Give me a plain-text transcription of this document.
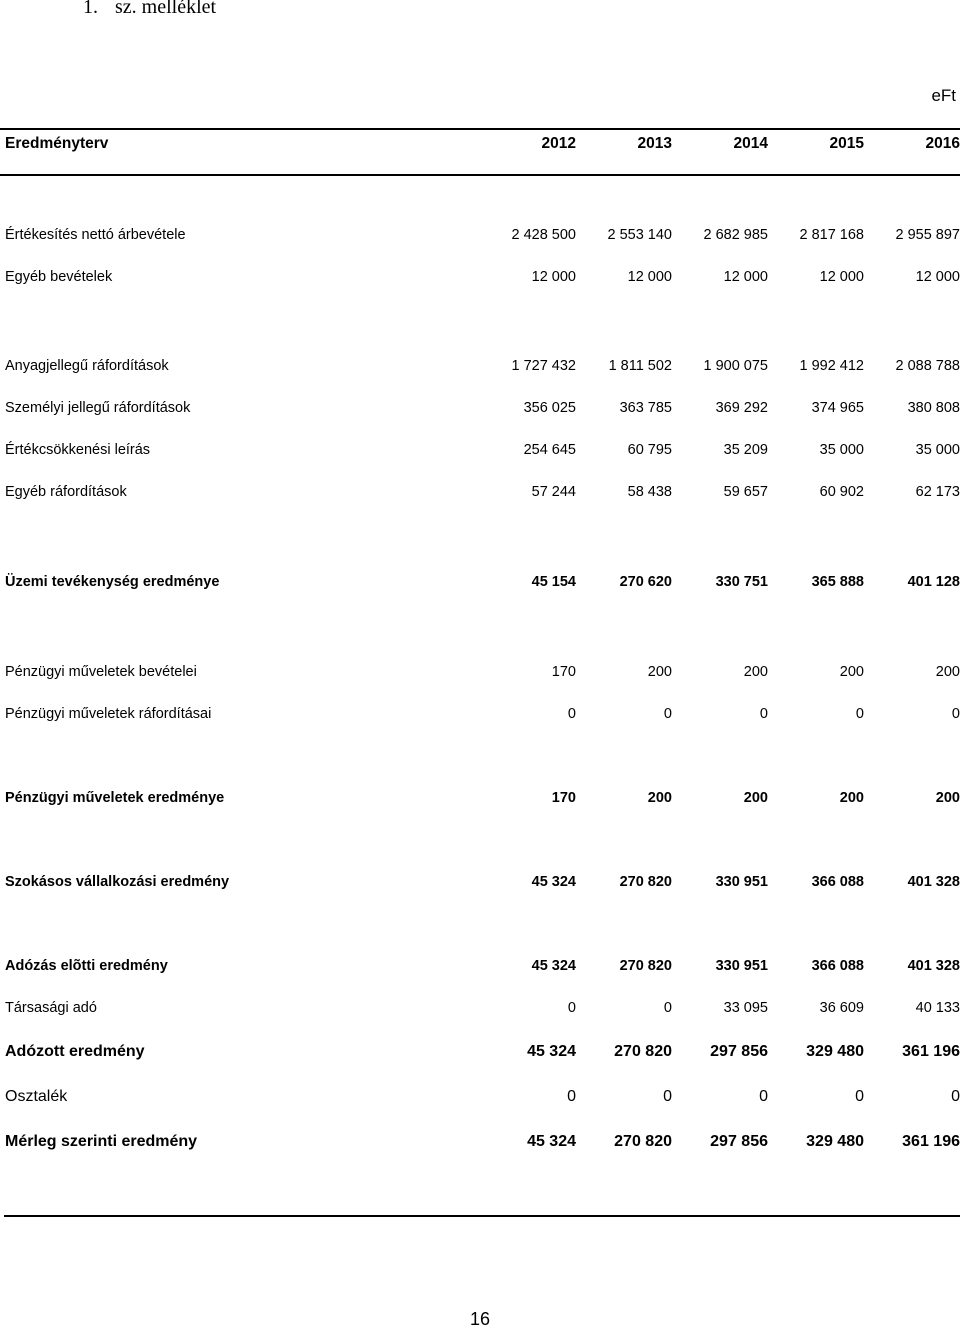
1. sz. melléklet
eFt
Eredményterv	2012	2013	2014	2015	2016
Értékesítés nettó árbevétele	2 428 500	2 553 140	2 682 985	2 817 168	2 955 897
Egyéb bevételek	12 000	12 000	12 000	12 000	12 000
Anyagjellegű ráfordítások	1 727 432	1 811 502	1 900 075	1 992 412	2 088 788
Személyi jellegű ráfordítások	356 025	363 785	369 292	374 965	380 808
Értékcsökkenési leírás	254 645	60 795	35 209	35 000	35 000
Egyéb ráfordítások	57 244	58 438	59 657	60 902	62 173
Üzemi tevékenység eredménye	45 154	270 620	330 751	365 888	401 128
Pénzügyi műveletek bevételei	170	200	200	200	200
Pénzügyi műveletek ráfordításai	0	0	0	0	0
Pénzügyi műveletek eredménye	170	200	200	200	200
Szokásos vállalkozási eredmény	45 324	270 820	330 951	366 088	401 328
Adózás elõtti eredmény	45 324	270 820	330 951	366 088	401 328
Társasági adó	0	0	33 095	36 609	40 133
Adózott eredmény	45 324	270 820	297 856	329 480	361 196
Osztalék	0	0	0	0	0
Mérleg szerinti eredmény	45 324	270 820	297 856	329 480	361 196
16
